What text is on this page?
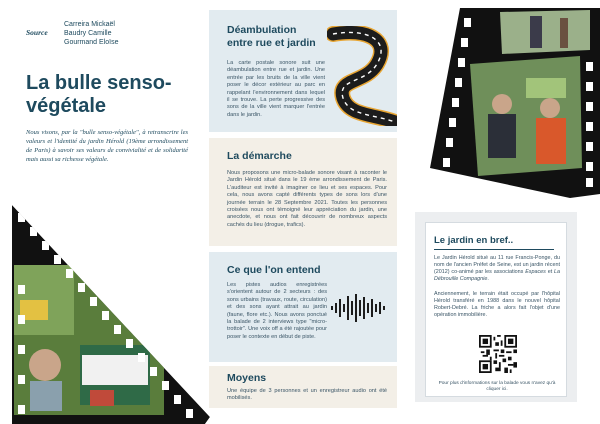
Source
Carreira Mickaël
Baudry Camille
Gourmand Eloïse
La bulle senso-végétale
Nous visons, par la "bulle senso-végétale", à retranscrire les valeurs et l'identité du jardin Hérold (19ème arrondissement de Paris) à savoir ses valeurs de convivialité et de solidarité mais aussi sa richesse végétale.
Déambulation
entre rue et jardin

La carte postale sonore suit une déambulation entre rue et jardin. Une entrée par les bruits de la ville vient poser le décor extérieur au parc en rappelant l'environnement dans lequel il se trouve. La perte progressive des sons de la ville vient marquer l'entrée dans le jardin.

La démarche

Nous proposons une micro-balade sonore visant à raconter le Jardin Hérold situé dans le 19 ème arrondissement de Paris. L'auditeur est invité à imaginer ce lieu et ses espaces. Pour cela, nous avons capté différents types de sons lors d'une journée terrain le 28 Septembre 2021. Toutes les personnes croisées nous ont témoigné leur appréciation du jardin, une anecdote, et nous ont fait découvrir de nombreux aspects cachés du lieu (drogue, trafics).

Ce que l'on entend

Les pistes audios enregistrées s'orientent autour de 2 secteurs : des sons urbains (travaux, route, circulation) et des sons ayant attrait au jardin (faune, flore etc.). Nous avons ponctué la balade de 2 interviews type "micro-trottoir". Une voix off a été rajoutée pour poser le contexte en début de piste.

Moyens

Une équipe de 3 personnes et un enregistreur audio ont été mobilisés.

Le jardin en bref..

Le Jardin Hérold situé au 11 rue Francis-Ponge, du nom de l'ancien Préfet de Seine, est un jardin récent (2012) co-animé par les associations Espaces et La Débrouille Compagnie.

Anciennement, le terrain était occupé par l'hôpital Hérold transféré en 1988 dans le nouvel hôpital Robert-Debré. La friche a alors fait l'objet d'une opération immobilière.

Pour plus d'informations sur la balade vous n'avez qu'à cliquer ici.
